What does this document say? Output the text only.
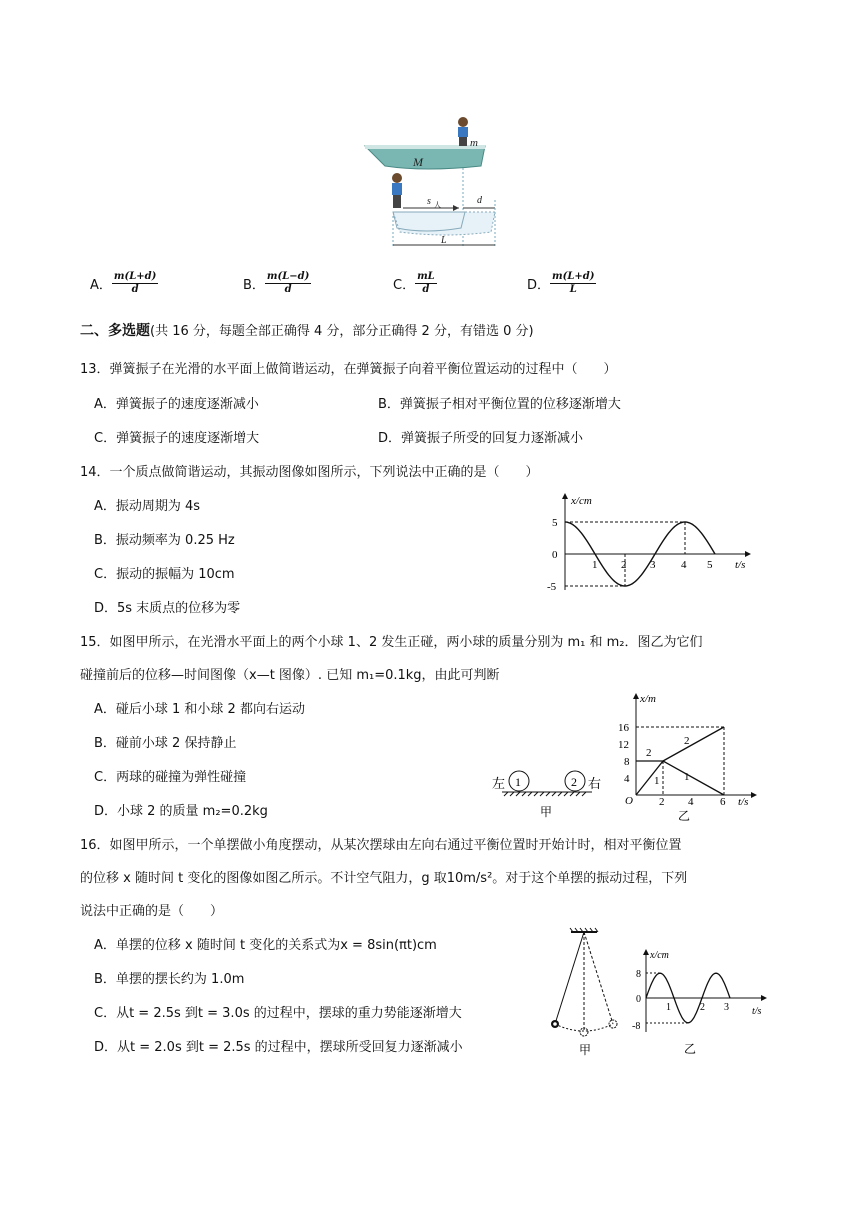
M
m
s 人	d
L
A． $\frac{m(L+d)}{d}$	B． $\frac{m(L-d)}{d}$	C． $\frac{mL}{d}$	D． $\frac{m(L+d)}{L}$
二、多选题(共 16 分，每题全部正确得 4 分，部分正确得 2 分，有错选 0 分)
13．弹簧振子在光滑的水平面上做简谐运动，在弹簧振子向着平衡位置运动的过程中（　　）
A．弹簧振子的速度逐渐减小	B．弹簧振子相对平衡位置的位移逐渐增大
C．弹簧振子的速度逐渐增大	D．弹簧振子所受的回复力逐渐减小
14．一个质点做简谐运动，其振动图像如图所示，下列说法中正确的是（　　）
A．振动周期为 4s
B．振动频率为 0.25 Hz
C．振动的振幅为 10cm
D．5s 末质点的位移为零
x/cm
t/s
5
0
-5
1 2 3 4 5
15．如图甲所示，在光滑水平面上的两个小球 1、2 发生正碰，两小球的质量分别为 m₁ 和 m₂．图乙为它们
碰撞前后的位移—时间图像（x—t 图像）. 已知 m₁=0.1kg，由此可判断
A．碰后小球 1 和小球 2 都向右运动
B．碰前小球 2 保持静止
C．两球的碰撞为弹性碰撞
D．小球 2 的质量 m₂=0.2kg
左 1	2 右
甲
x/m
t/s
O
16
12
8
4
2
2
1 1
2 4 6
乙
16．如图甲所示，一个单摆做小角度摆动，从某次摆球由左向右通过平衡位置时开始计时，相对平衡位置
的位移 x 随时间 t 变化的图像如图乙所示。不计空气阻力，g 取10m/s²。对于这个单摆的振动过程，下列
说法中正确的是（　　）
A．单摆的位移 x 随时间 t 变化的关系式为x = 8sin(πt)cm
B．单摆的摆长约为 1.0m
C．从t = 2.5s 到t = 3.0s 的过程中，摆球的重力势能逐渐增大
D．从t = 2.0s 到t = 2.5s 的过程中，摆球所受回复力逐渐减小	甲
x/cm
t/s
8
0
-8
1	2 3
乙
